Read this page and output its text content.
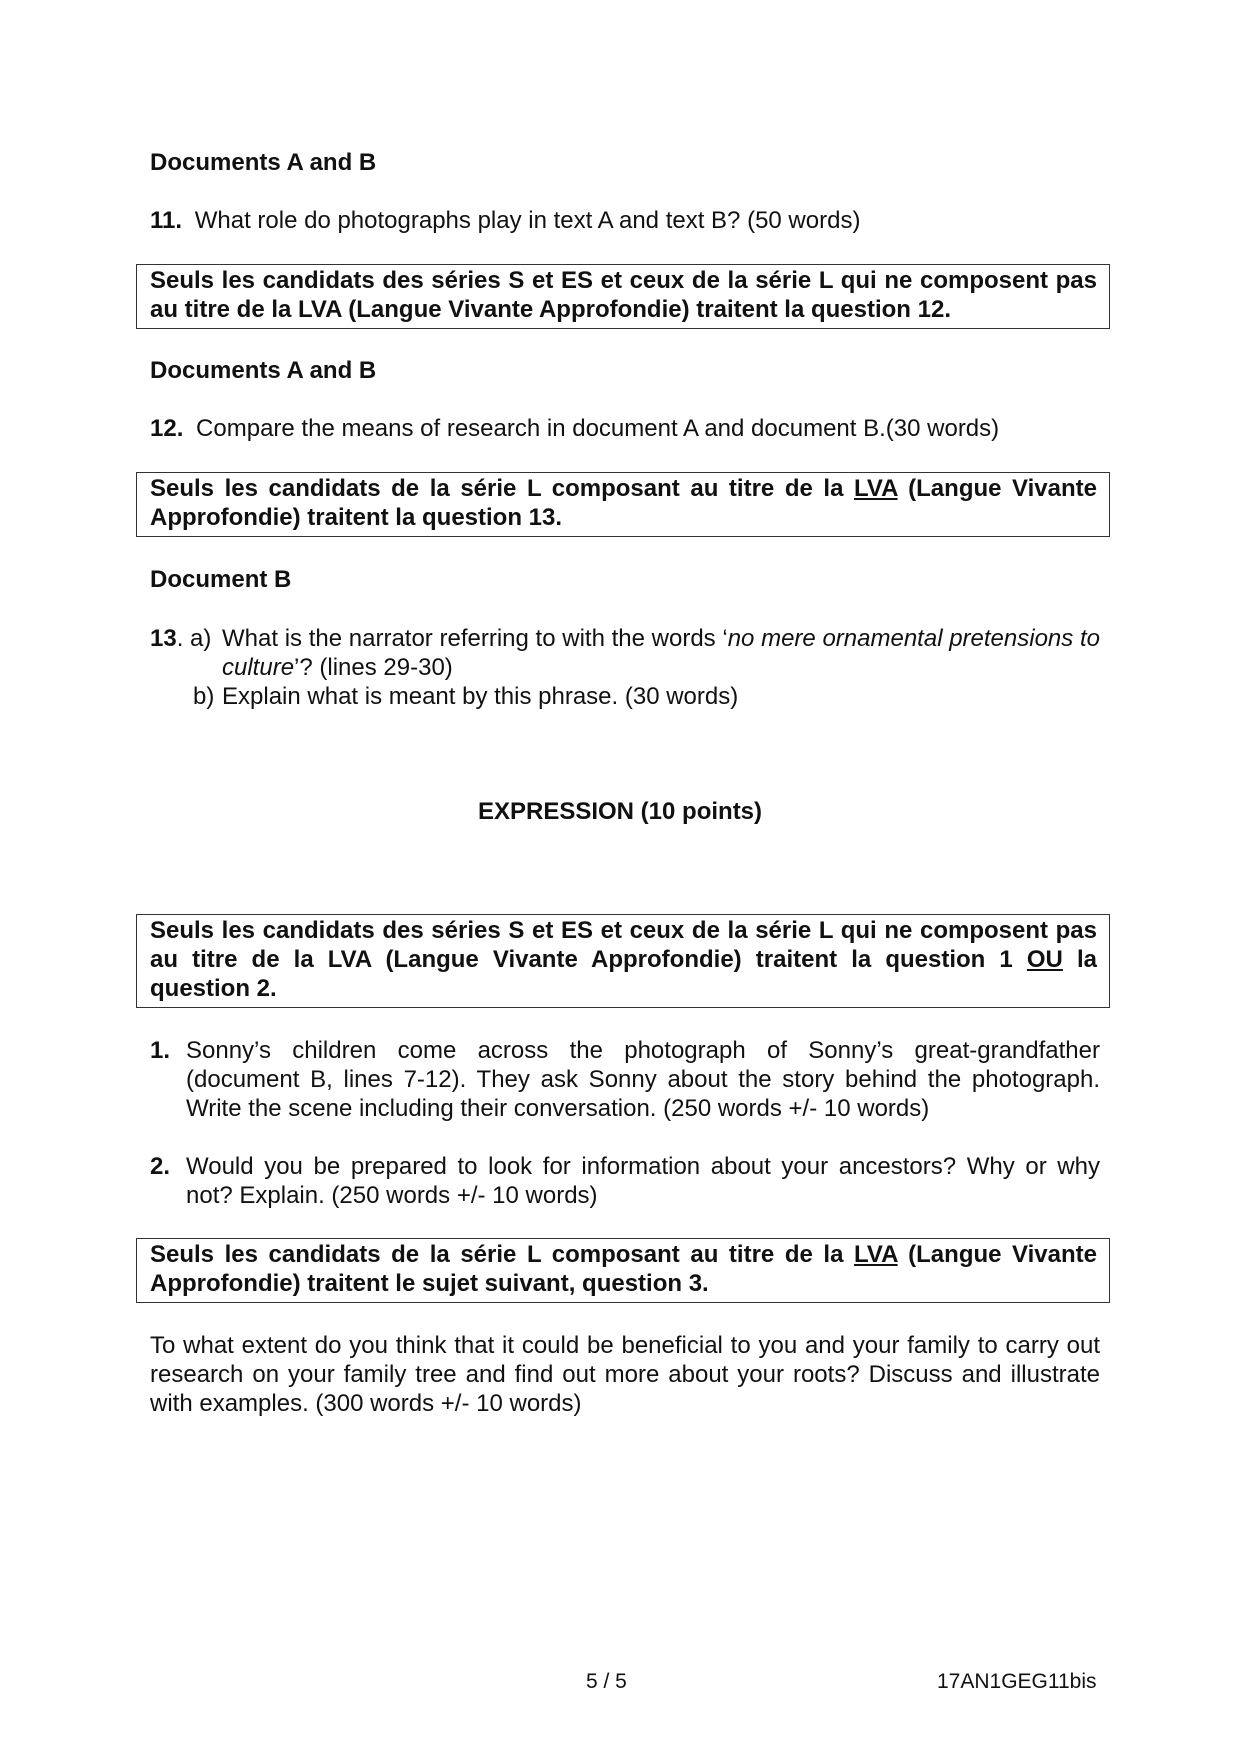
Documents A and B
11. What role do photographs play in text A and text B? (50 words)
Seuls les candidats des séries S et ES et ceux de la série L qui ne composent pas au titre de la LVA (Langue Vivante Approfondie) traitent la question 12.
Documents A and B
12. Compare the means of research in document A and document B.(30 words)
Seuls les candidats de la série L composant au titre de la LVA (Langue Vivante Approfondie) traitent la question 13.
Document B
13. a) What is the narrator referring to with the words ‘no mere ornamental pretensions to culture’? (lines 29-30)
b) Explain what is meant by this phrase. (30 words)
EXPRESSION (10 points)
Seuls les candidats des séries S et ES et ceux de la série L qui ne composent pas au titre de la LVA (Langue Vivante Approfondie) traitent la question 1 OU la question 2.
1. Sonny’s children come across the photograph of Sonny’s great-grandfather (document B, lines 7-12). They ask Sonny about the story behind the photograph. Write the scene including their conversation. (250 words +/- 10 words)
2. Would you be prepared to look for information about your ancestors? Why or why not? Explain. (250 words +/- 10 words)
Seuls les candidats de la série L composant au titre de la LVA (Langue Vivante Approfondie) traitent le sujet suivant, question 3.
To what extent do you think that it could be beneficial to you and your family to carry out research on your family tree and find out more about your roots? Discuss and illustrate with examples. (300 words +/- 10 words)
5 / 5	17AN1GEG11bis
